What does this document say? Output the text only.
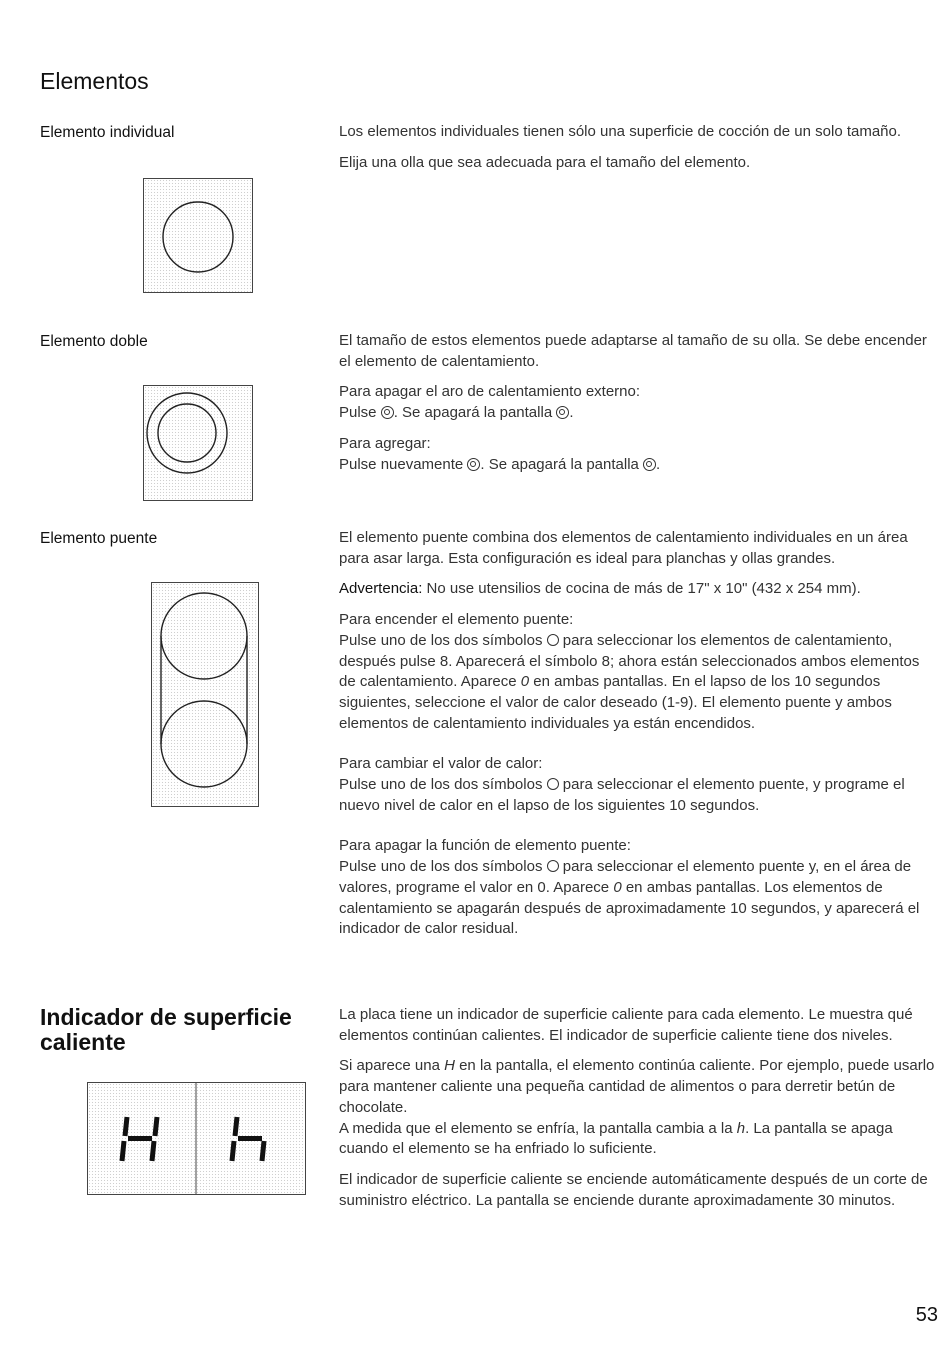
Elementos
Elemento individual	Los elementos individuales tienen sólo una superficie de cocción de un solo tamaño.

Elija una olla que sea adecuada para el tamaño del elemento.

Elemento doble	El tamaño de estos elementos puede adaptarse al tamaño de su olla. Se debe encender el elemento de calentamiento.

Para apagar el aro de calentamiento externo:
Pulse . Se apagará la pantalla .

Para agregar:
Pulse nuevamente . Se apagará la pantalla .

Elemento puente	El elemento puente combina dos elementos de calentamiento individuales en un área para asar larga. Esta configuración es ideal para planchas y ollas grandes.

Advertencia: No use utensilios de cocina de más de 17" x 10" (432 x 254 mm).

Para encender el elemento puente:
Pulse uno de los dos símbolos  para seleccionar los elementos de calentamiento, después pulse 8. Aparecerá el símbolo 8; ahora están seleccionados ambos elementos de calentamiento. Aparece 0 en ambas pantallas. En el lapso de los 10 segundos siguientes, seleccione el valor de calor deseado (1-9). El elemento puente y ambos elementos de calentamiento individuales ya están encendidos.

Para cambiar el valor de calor:
Pulse uno de los dos símbolos  para seleccionar el elemento puente, y programe el nuevo nivel de calor en el lapso de los siguientes 10 segundos.

Para apagar la función de elemento puente:
Pulse uno de los dos símbolos  para seleccionar el elemento puente y, en el área de valores, programe el valor en 0. Aparece 0 en ambas pantallas. Los elementos de calentamiento se apagarán después de aproximadamente 10 segundos, y aparecerá el indicador de calor residual.

Indicador de superficie caliente

La placa tiene un indicador de superficie caliente para cada elemento. Le muestra qué elementos continúan calientes. El indicador de superficie caliente tiene dos niveles.

Si aparece una H en la pantalla, el elemento continúa caliente. Por ejemplo, puede usarlo para mantener caliente una pequeña cantidad de alimentos o para derretir betún de chocolate.
A medida que el elemento se enfría, la pantalla cambia a la h. La pantalla se apaga cuando el elemento se ha enfriado lo suficiente.

El indicador de superficie caliente se enciende automáticamente después de un corte de suministro eléctrico. La pantalla se enciende durante aproximadamente 30 minutos.

53
